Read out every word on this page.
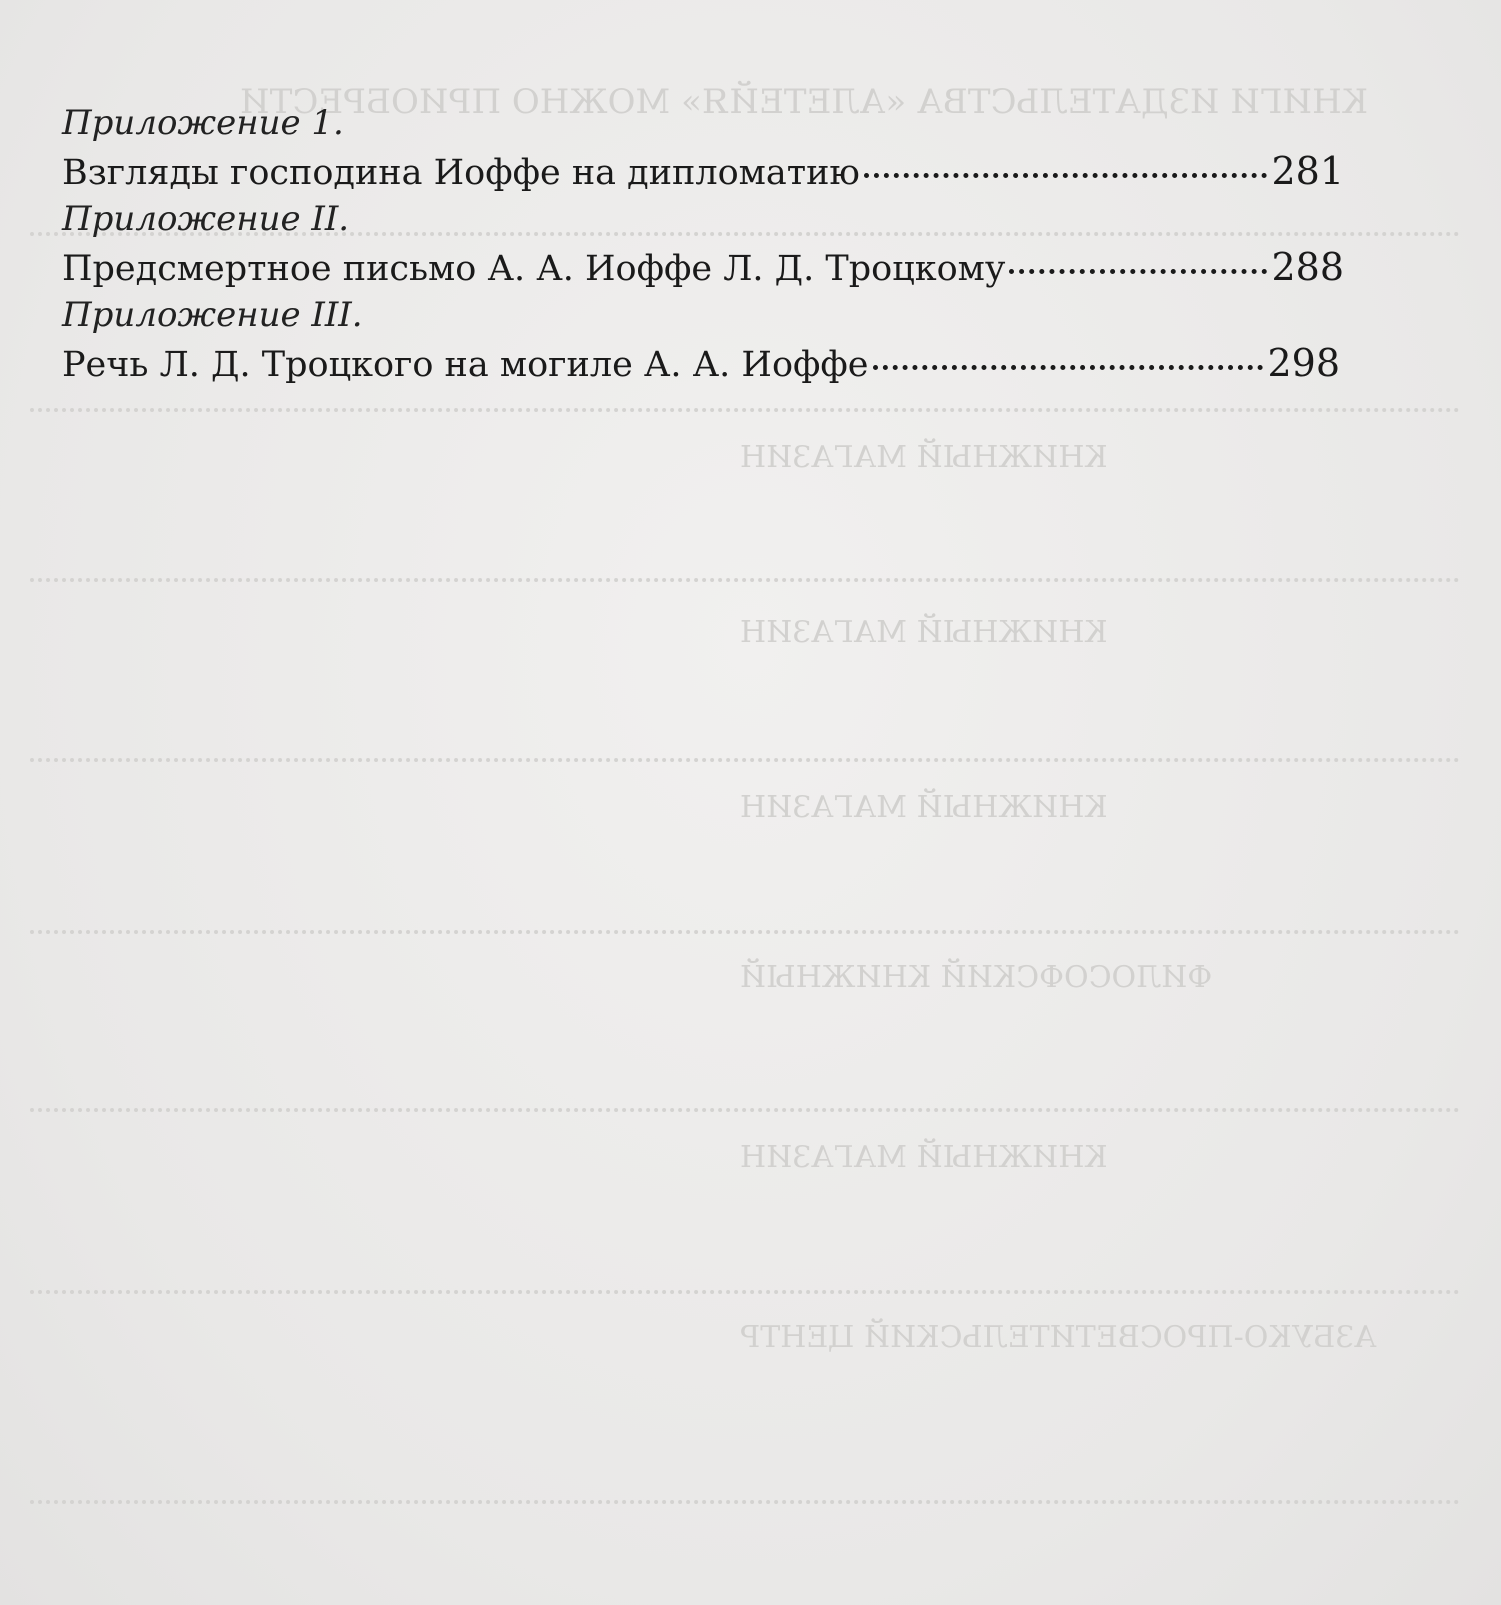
КНИГИ ИЗДАТЕЛЬСТВА «АЛЕТЕЙЯ» МОЖНО ПРИОБРЕСТИ
КНИЖНЫЙ МАГАЗИН
КНИЖНЫЙ МАГАЗИН
КНИЖНЫЙ МАГАЗИН
ФИЛОСОФСКИЙ КНИЖНЫЙ
КНИЖНЫЙ МАГАЗИН
АЗБУКО-ПРОСВЕТИТЕЛЬСКИЙ ЦЕНТР
Приложение 1.
Взгляды господина Иоффе на дипломатию	281
Приложение II.
Предсмертное письмо А. А. Иоффе Л. Д. Троцкому	288
Приложение III.
Речь Л. Д. Троцкого на могиле А. А. Иоффе	298
